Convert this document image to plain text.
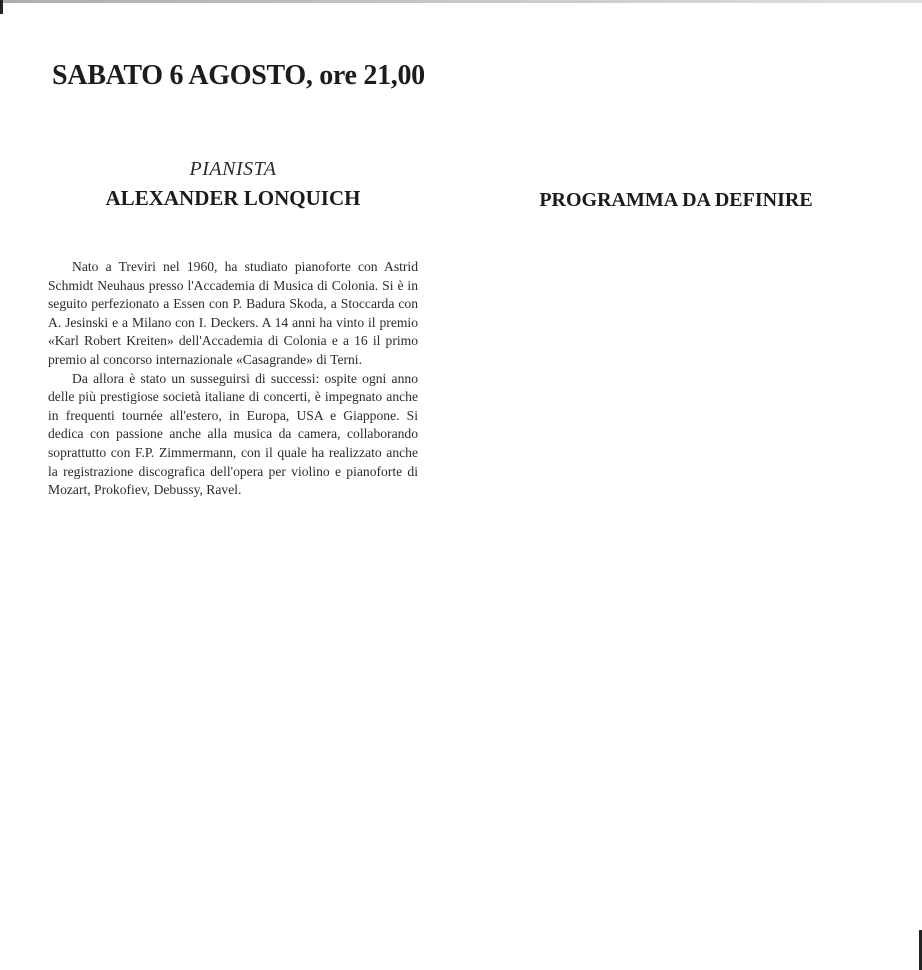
SABATO 6 AGOSTO, ore 21,00
PIANISTA
ALEXANDER LONQUICH	PROGRAMMA DA DEFINIRE

Nato a Treviri nel 1960, ha studiato pianoforte con Astrid Schmidt Neuhaus presso l'Accademia di Musica di Colonia. Si è in seguito perfezionato a Essen con P. Badura Skoda, a Stoccarda con A. Jesinski e a Milano con I. Deckers. A 14 anni ha vinto il premio «Karl Robert Kreiten» dell'Accademia di Colonia e a 16 il primo premio al concorso internazionale «Casagrande» di Terni.

Da allora è stato un susseguirsi di successi: ospite ogni anno delle più prestigiose società italiane di concerti, è impegnato anche in frequenti tournée all'estero, in Europa, USA e Giappone. Si dedica con passione anche alla musica da camera, collaborando soprattutto con F.P. Zimmermann, con il quale ha realizzato anche la registrazione discografica dell'opera per violino e pianoforte di Mozart, Prokofiev, Debussy, Ravel.
